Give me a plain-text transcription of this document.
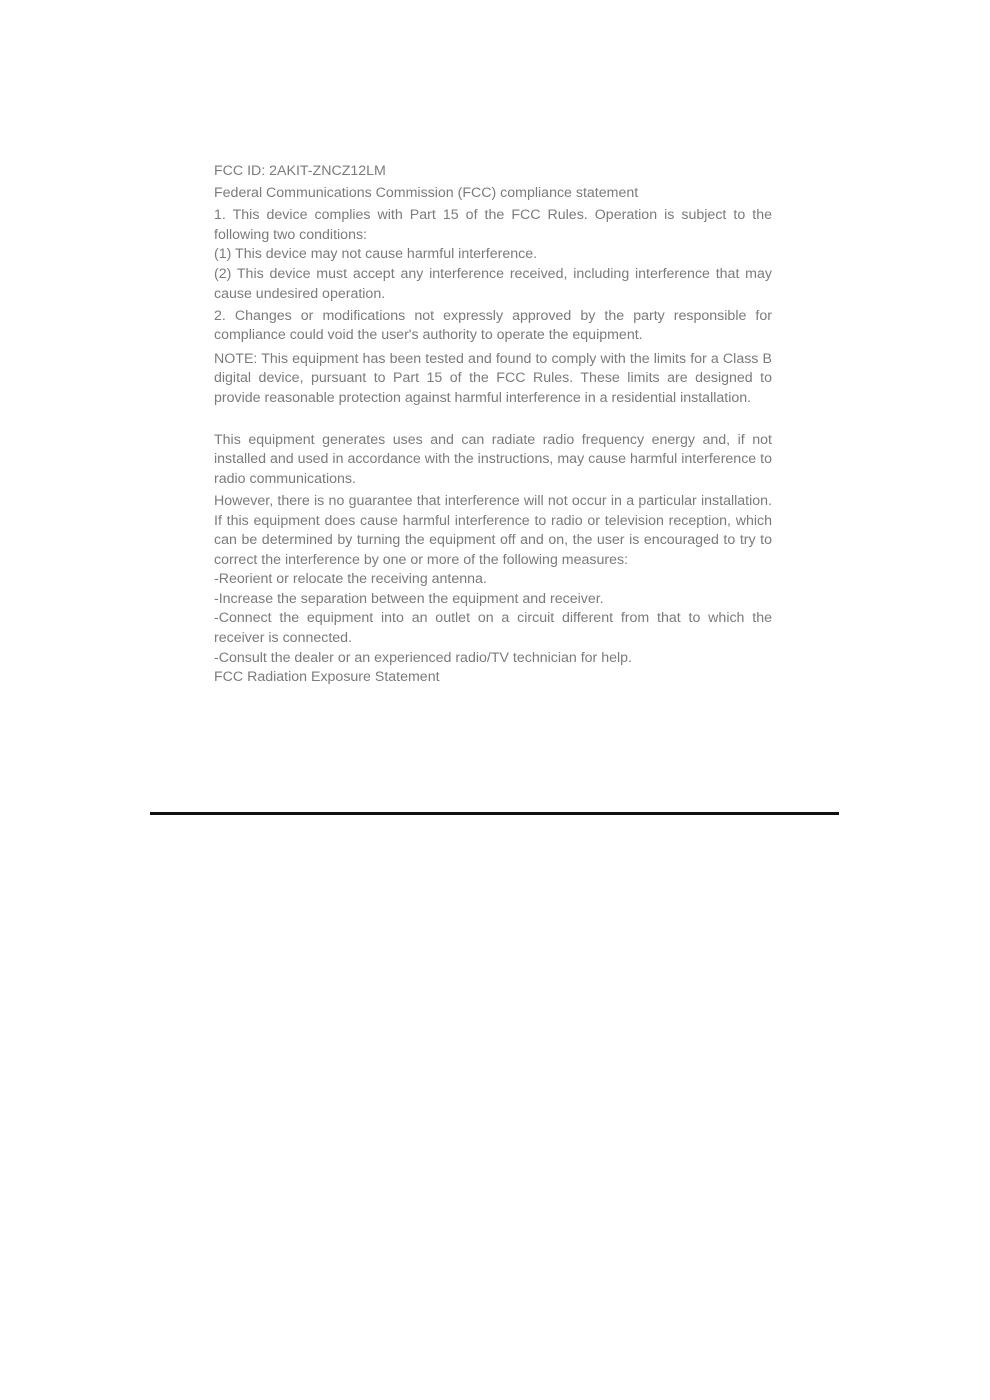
FCC ID: 2AKIT-ZNCZ12LM

Federal Communications Commission (FCC) compliance statement

1. This device complies with Part 15 of the FCC Rules. Operation is subject to the following two conditions:

(1) This device may not cause harmful interference.

(2) This device must accept any interference received, including interference that may cause undesired operation.

2. Changes or modifications not expressly approved by the party responsible for compliance could void the user's authority to operate the equipment.

NOTE: This equipment has been tested and found to comply with the limits for a Class B digital device, pursuant to Part 15 of the FCC Rules. These limits are designed to provide reasonable protection against harmful interference in a residential installation.

This equipment generates uses and can radiate radio frequency energy and, if not installed and used in accordance with the instructions, may cause harmful interference to radio communications.

However, there is no guarantee that interference will not occur in a particular installation. If this equipment does cause harmful interference to radio or television reception, which can be determined by turning the equipment off and on, the user is encouraged to try to correct the interference by one or more of the following measures:

-Reorient or relocate the receiving antenna.

-Increase the separation between the equipment and receiver.

-Connect the equipment into an outlet on a circuit different from that to which the receiver is connected.

-Consult the dealer or an experienced radio/TV technician for help.

FCC Radiation Exposure Statement
